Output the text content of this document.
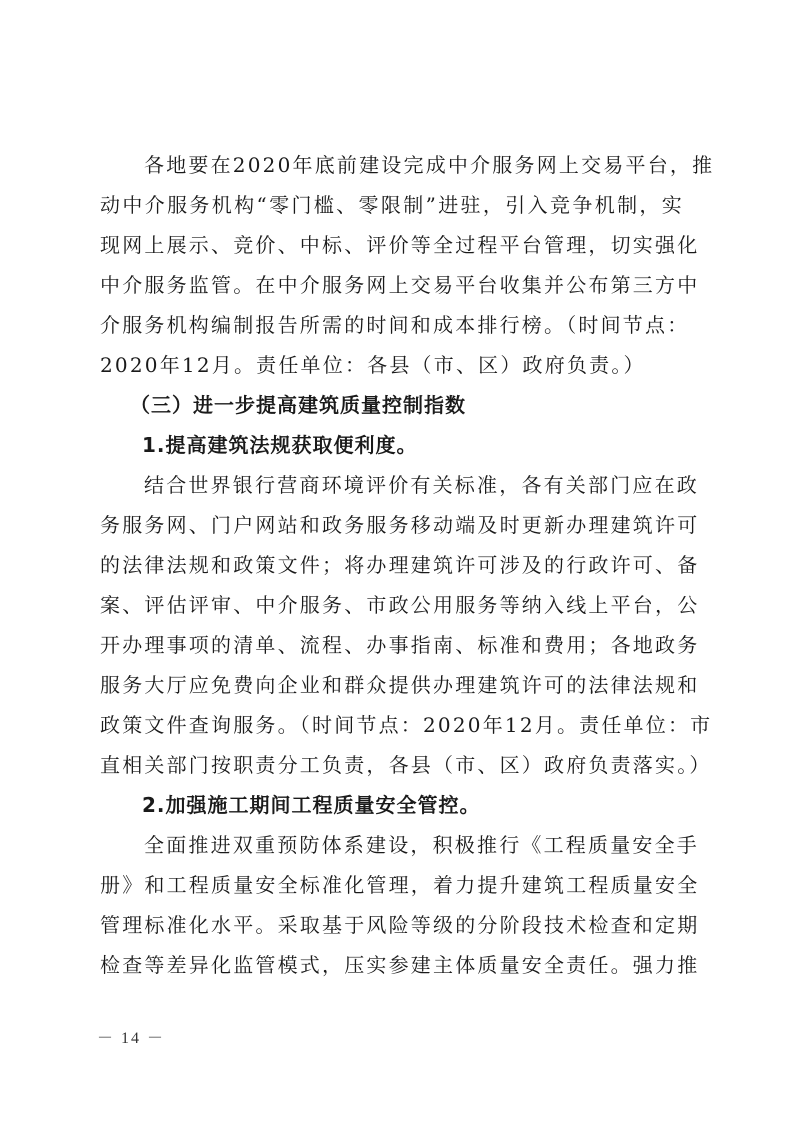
各地要在2020年底前建设完成中介服务网上交易平台，推
动中介服务机构“零门槛、零限制”进驻，引入竞争机制，实
现网上展示、竞价、中标、评价等全过程平台管理，切实强化
中介服务监管。在中介服务网上交易平台收集并公布第三方中
介服务机构编制报告所需的时间和成本排行榜。（时间节点：
2020年12月。责任单位：各县（市、区）政府负责。）
（三）进一步提高建筑质量控制指数
1.提高建筑法规获取便利度。
结合世界银行营商环境评价有关标准，各有关部门应在政
务服务网、门户网站和政务服务移动端及时更新办理建筑许可
的法律法规和政策文件；将办理建筑许可涉及的行政许可、备
案、评估评审、中介服务、市政公用服务等纳入线上平台，公
开办理事项的清单、流程、办事指南、标准和费用；各地政务
服务大厅应免费向企业和群众提供办理建筑许可的法律法规和
政策文件查询服务。（时间节点：2020年12月。责任单位：市
直相关部门按职责分工负责，各县（市、区）政府负责落实。）
2.加强施工期间工程质量安全管控。
全面推进双重预防体系建设，积极推行《工程质量安全手
册》和工程质量安全标准化管理，着力提升建筑工程质量安全
管理标准化水平。采取基于风险等级的分阶段技术检查和定期
检查等差异化监管模式，压实参建主体质量安全责任。强力推
－ 14 －
